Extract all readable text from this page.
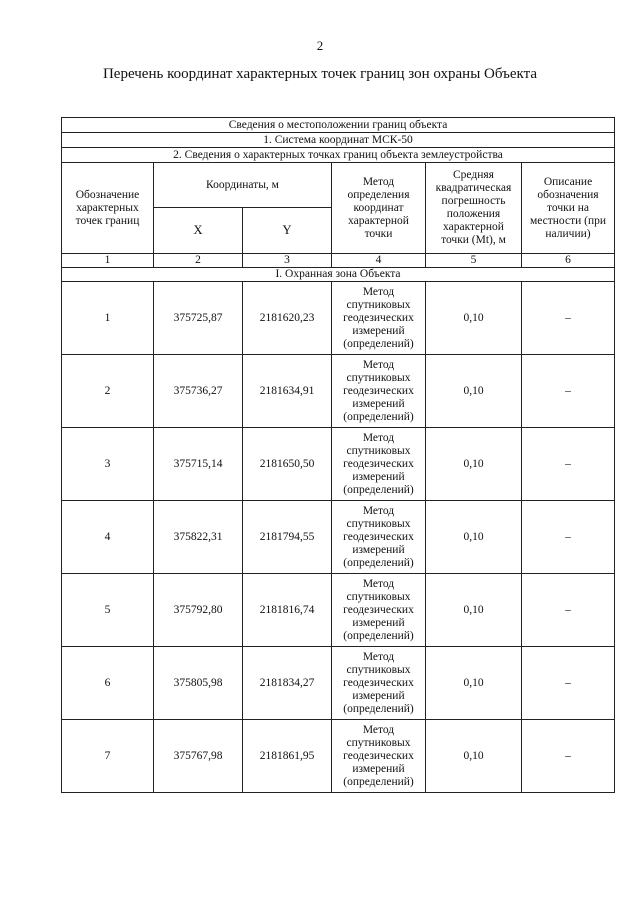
2
Перечень координат характерных точек границ зон охраны Объекта
Сведения о местоположении границ объекта					
1. Система координат МСК-50					
2. Сведения о характерных точках границ объекта землеустройства					
Обозначение характерных точек границ	Координаты, м		Метод определения координат характерной точки	Средняя квадратическая погрешность положения характерной точки (Mt), м	Описание обозначения точки на местности (при наличии)
	X	Y			
1	2	3	4	5	6
I. Охранная зона Объекта					
1	375725,87	2181620,23	Метод
спутниковых
геодезических
измерений
(определений)	0,10	–
2	375736,27	2181634,91	Метод
спутниковых
геодезических
измерений
(определений)	0,10	–
3	375715,14	2181650,50	Метод
спутниковых
геодезических
измерений
(определений)	0,10	–
4	375822,31	2181794,55	Метод
спутниковых
геодезических
измерений
(определений)	0,10	–
5	375792,80	2181816,74	Метод
спутниковых
геодезических
измерений
(определений)	0,10	–
6	375805,98	2181834,27	Метод
спутниковых
геодезических
измерений
(определений)	0,10	–
7	375767,98	2181861,95	Метод
спутниковых
геодезических
измерений
(определений)	0,10	–
